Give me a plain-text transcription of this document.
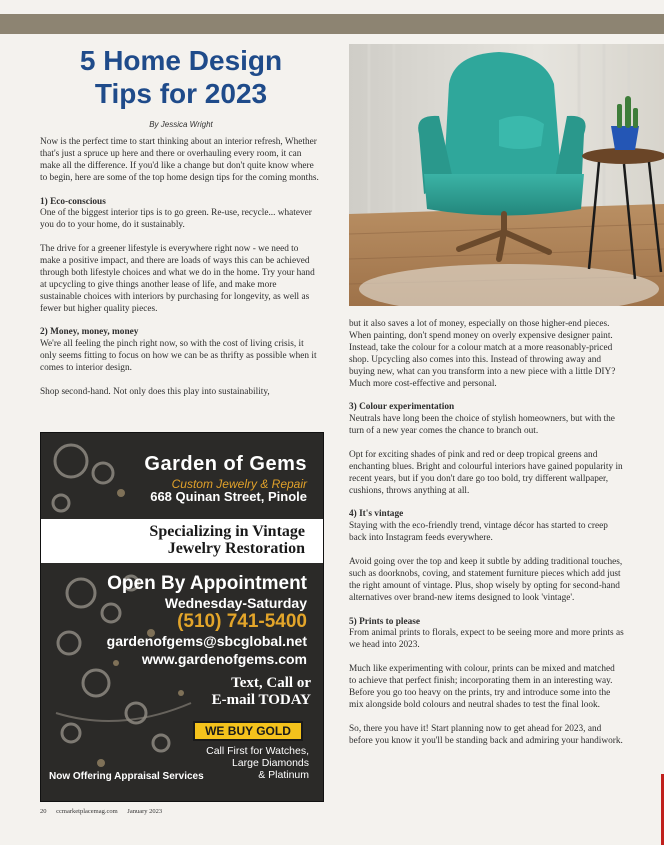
5 Home Design
Tips for 2023
By Jessica Wright

Now is the perfect time to start thinking about an interior refresh, Whether that's just a spruce up here and there or overhauling every room, it can make all the difference. If you'd like a change but don't quite know where to begin, here are some of the top home design tips for the coming months.

1) Eco-conscious

One of the biggest interior tips is to go green. Re-use, recycle... whatever you do to your home, do it sustainably.

The drive for a greener lifestyle is everywhere right now - we need to make a positive impact, and there are loads of ways this can be achieved through both lifestyle choices and what we do in the home. Try your hand at upcycling to give things another lease of life, and make more sustainable choices with interiors by purchasing for longevity, as well as fewer but higher quality pieces.

2) Money, money, money

We're all feeling the pinch right now, so with the cost of living crisis, it only seems fitting to focus on how we can be as thrifty as possible when it comes to interior design.

Shop second-hand. Not only does this play into sustainability,

but it also saves a lot of money, especially on those higher-end pieces. When painting, don't spend money on overly expensive designer paint. Instead, take the colour for a colour match at a more reasonably-priced shop. Upcycling also comes into this. Instead of throwing away and buying new, what can you transform into a new piece with a little DIY? Much more cost-effective and personal.

3) Colour experimentation

Neutrals have long been the choice of stylish homeowners, but with the turn of a new year comes the chance to branch out.

Opt for exciting shades of pink and red or deep tropical greens and enchanting blues. Bright and colourful interiors have gained popularity in recent years, but if you don't dare go too bold, try different wallpaper, cushions, throws anything at all.

4) It's vintage

Staying with the eco-friendly trend, vintage décor has started to creep back into Instagram feeds everywhere.

Avoid going over the top and keep it subtle by adding traditional touches, such as doorknobs, coving, and statement furniture pieces which add just the right amount of vintage. Plus, shop wisely by opting for second-hand alternatives over brand-new items designed to look 'vintage'.

5) Prints to please

From animal prints to florals, expect to be seeing more and more prints as we head into 2023.

Much like experimenting with colour, prints can be mixed and matched to achieve that perfect finish; incorporating them in an interesting way. Before you go too heavy on the prints, try and introduce some into the mix alongside bold colours and neutral shades to test the final look.

So, there you have it! Start planning now to get ahead for 2023, and before you know it you'll be standing back and admiring your handiwork.

Garden of Gems
Custom Jewelry & Repair
668 Quinan Street, Pinole
Specializing in Vintage
Jewelry Restoration
Open By Appointment
Wednesday-Saturday
(510) 741-5400
gardenofgems@sbcglobal.net
www.gardenofgems.com
Text, Call or
E-mail TODAY
WE BUY GOLD
Call First for Watches,
Large Diamonds
& Platinum
Now Offering Appraisal Services
20 ccmarketplacemag.com January 2023
